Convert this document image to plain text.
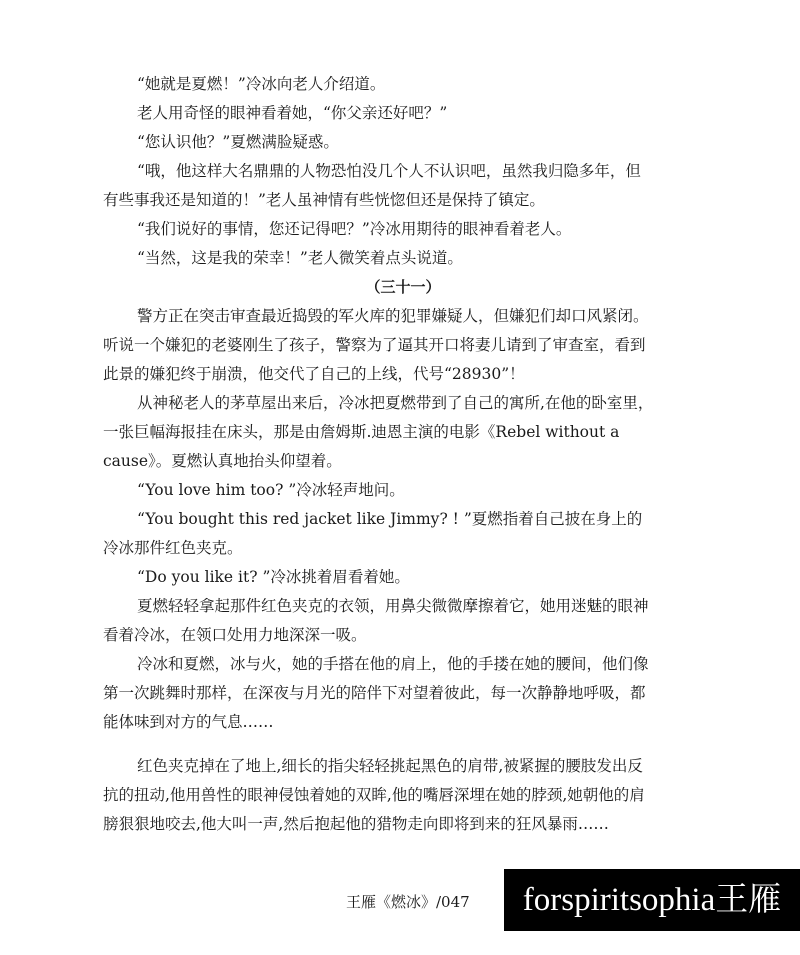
“她就是夏燃！”冷冰向老人介绍道。
老人用奇怪的眼神看着她，“你父亲还好吧？”
“您认识他？”夏燃满脸疑惑。
“哦，他这样大名鼎鼎的人物恐怕没几个人不认识吧，虽然我归隐多年，但
有些事我还是知道的！”老人虽神情有些恍惚但还是保持了镇定。
“我们说好的事情，您还记得吧？”冷冰用期待的眼神看着老人。
“当然，这是我的荣幸！”老人微笑着点头说道。
（三十一）
警方正在突击审查最近捣毁的军火库的犯罪嫌疑人，但嫌犯们却口风紧闭。
听说一个嫌犯的老婆刚生了孩子，警察为了逼其开口将妻儿请到了审查室，看到
此景的嫌犯终于崩溃，他交代了自己的上线，代号“28930”！
从神秘老人的茅草屋出来后，冷冰把夏燃带到了自己的寓所,在他的卧室里，
一张巨幅海报挂在床头，那是由詹姆斯.迪恩主演的电影《Rebel without a
cause》。夏燃认真地抬头仰望着。
“You love him too? ”冷冰轻声地问。
“You bought this red jacket like Jimmy? ! ”夏燃指着自己披在身上的
冷冰那件红色夹克。
“Do you like it? ”冷冰挑着眉看着她。
夏燃轻轻拿起那件红色夹克的衣领，用鼻尖微微摩擦着它，她用迷魅的眼神
看着冷冰，在领口处用力地深深一吸。
冷冰和夏燃，冰与火，她的手搭在他的肩上，他的手搂在她的腰间，他们像
第一次跳舞时那样，在深夜与月光的陪伴下对望着彼此，每一次静静地呼吸，都
能体味到对方的气息……
红色夹克掉在了地上,细长的指尖轻轻挑起黑色的肩带,被紧握的腰肢发出反
抗的扭动,他用兽性的眼神侵蚀着她的双眸,他的嘴唇深埋在她的脖颈,她朝他的肩
膀狠狠地咬去,他大叫一声,然后抱起他的猎物走向即将到来的狂风暴雨……
王雁《燃冰》/047	forspiritsophia王雁
